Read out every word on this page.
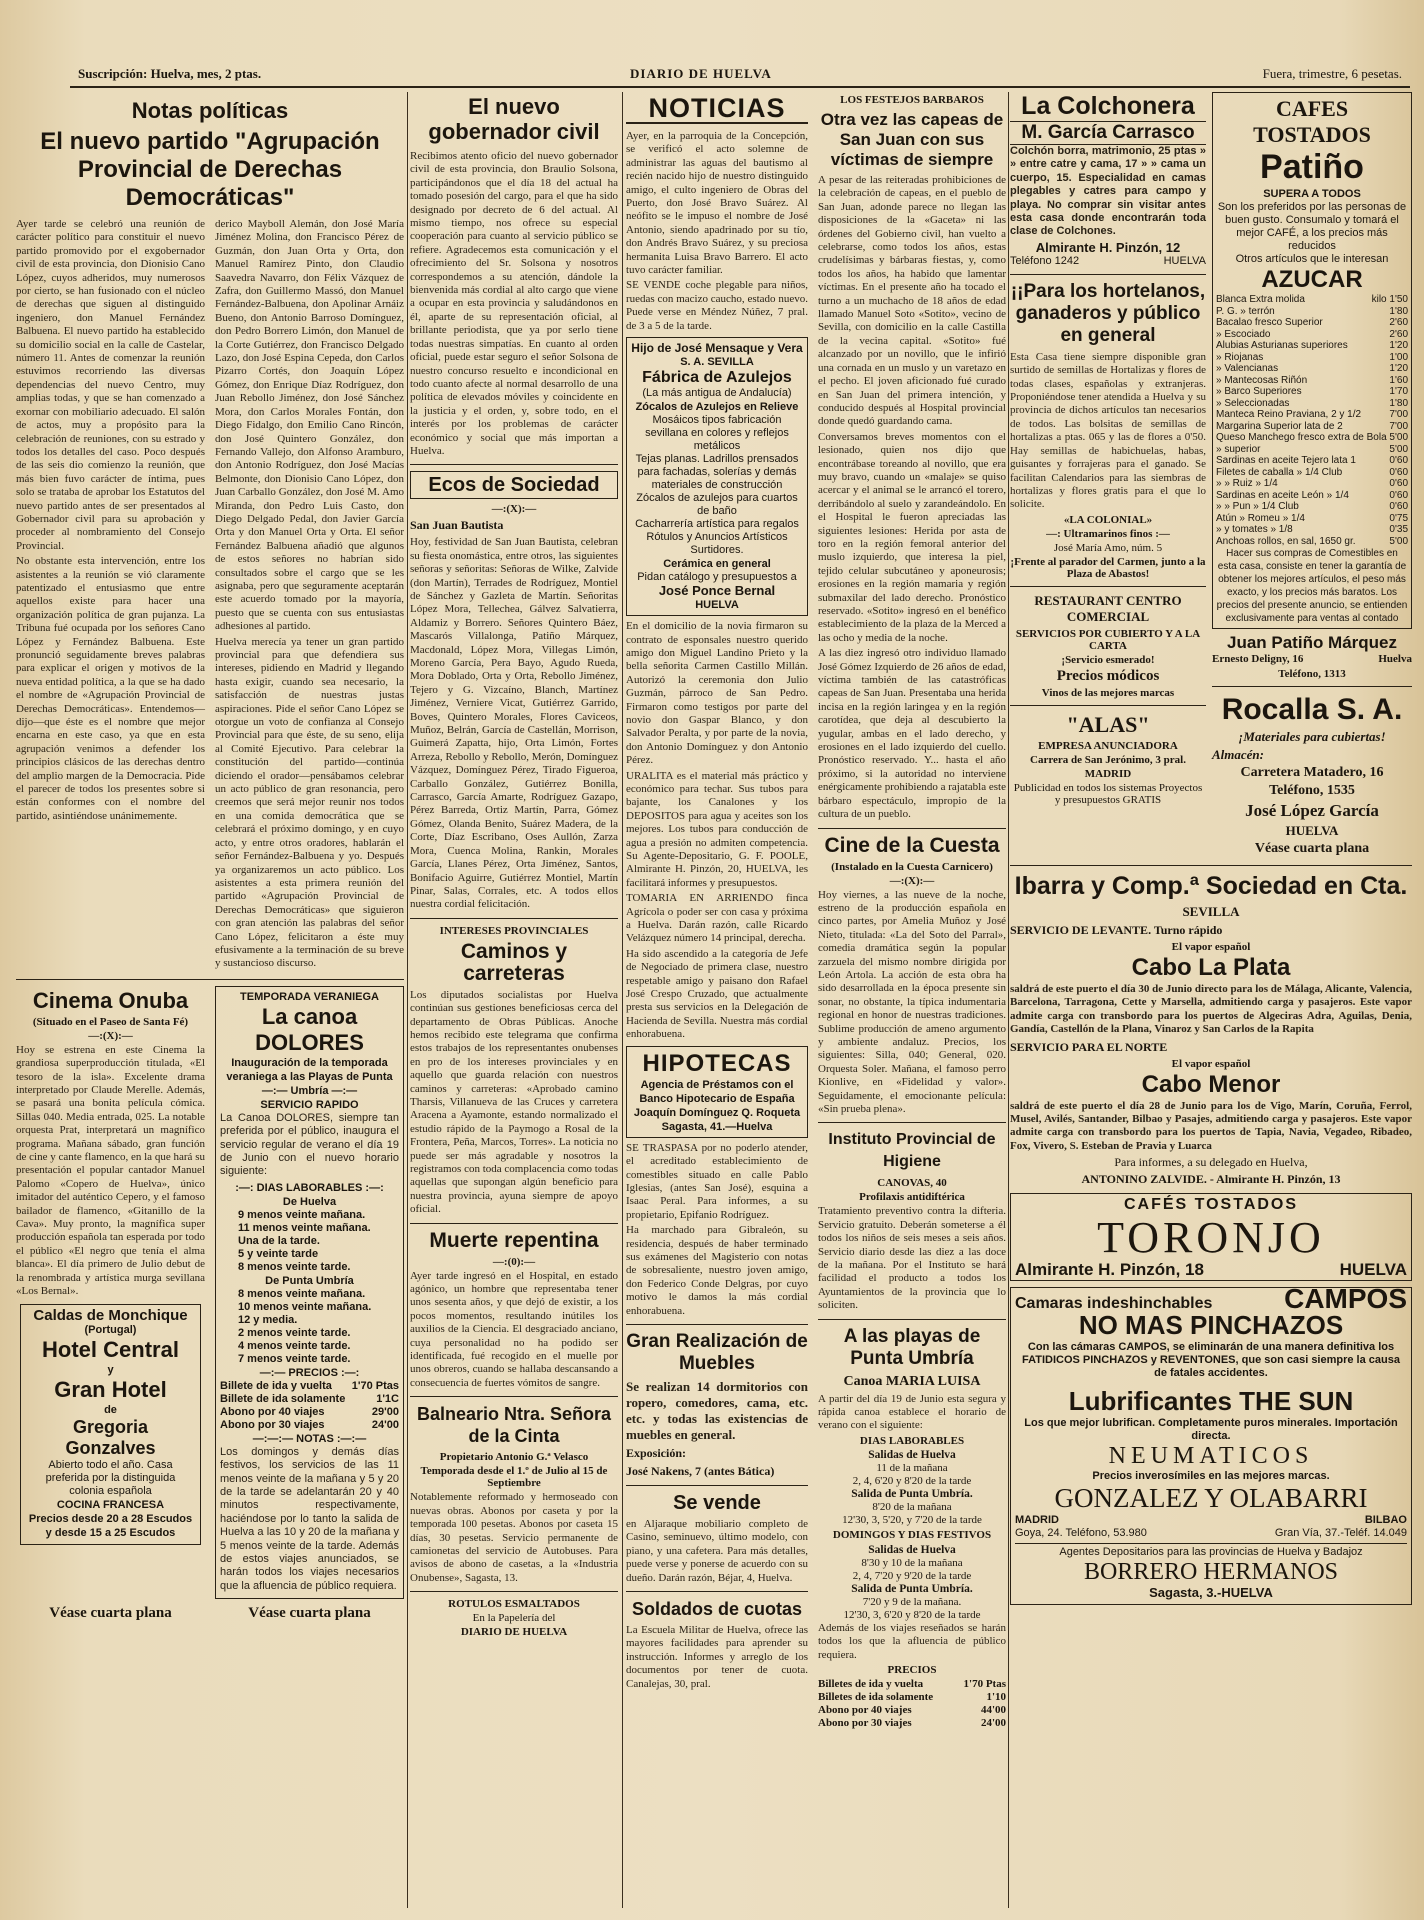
Suscripción: Huelva, mes, 2 ptas.	DIARIO DE HUELVA	Fuera, trimestre, 6 pesetas.
Notas políticas
El nuevo partido "Agrupación Provincial de Derechas Democráticas"

Ayer tarde se celebró una reunión de carácter político para constituir el nuevo partido promovido por el exgobernador civil de esta provincia, don Dionisio Cano López, cuyos adheridos, muy numerosos por cierto, se han fusionado con el núcleo de derechas que siguen al distinguido ingeniero, don Manuel Fernández Balbuena. El nuevo partido ha establecido su domicilio social en la calle de Castelar, número 11. Antes de comenzar la reunión estuvimos recorriendo las diversas dependencias del nuevo Centro, muy amplias todas, y que se han comenzado a exornar con mobiliario adecuado. El salón de actos, muy a propósito para la celebración de reuniones, con su estrado y todos los detalles del caso. Poco después de las seis dio comienzo la reunión, que más bien fuvo carácter de íntima, pues solo se trataba de aprobar los Estatutos del nuevo partido antes de ser presentados al Gobernador civil para su aprobación y proceder al nombramiento del Consejo Provincial.

No obstante esta intervención, entre los asistentes a la reunión se vió claramente patentizado el entusiasmo que entre aquellos existe para hacer una organización política de gran pujanza. La Tribuna fué ocupada por los señores Cano López y Fernández Balbuena. Este pronunció seguidamente breves palabras para explicar el origen y motivos de la nueva entidad política, a la que se ha dado el nombre de «Agrupación Provincial de Derechas Democráticas». Entendemos—dijo—que éste es el nombre que mejor encarna en este caso, ya que en esta agrupación venimos a defender los principios clásicos de las derechas dentro del amplio margen de la Democracia. Pide el parecer de todos los presentes sobre si están conformes con el nombre del partido, asintiéndose unánimemente.

derico Mayboll Alemán, don José María Jiménez Molina, don Francisco Pérez de Guzmán, don Juan Orta y Orta, don Manuel Ramírez Pinto, don Claudio Saavedra Navarro, don Félix Vázquez de Zafra, don Guillermo Massó, don Manuel Fernández-Balbuena, don Apolinar Arnáiz Bueno, don Antonio Barroso Domínguez, don Pedro Borrero Limón, don Manuel de la Corte Gutiérrez, don Francisco Delgado Lazo, don José Espina Cepeda, don Carlos Pizarro Cortés, don Joaquín López Gómez, don Enrique Díaz Rodríguez, don Juan Rebollo Jiménez, don José Sánchez Mora, don Carlos Morales Fontán, don Diego Fidalgo, don Emilio Cano Rincón, don José Quintero González, don Fernando Vallejo, don Alfonso Aramburo, don Antonio Rodríguez, don José Macías Belmonte, don Dionisio Cano López, don Juan Carballo González, don José M. Amo Miranda, don Pedro Luis Casto, don Diego Delgado Pedal, don Javier García Orta y don Manuel Orta y Orta. El señor Fernández Balbuena añadió que algunos de estos señores no habrían sido consultados sobre el cargo que se les asignaba, pero que seguramente aceptarán este acuerdo tomado por la mayoría, puesto que se cuenta con sus entusiastas adhesiones al partido.

Huelva merecía ya tener un gran partido provincial para que defendiera sus intereses, pidiendo en Madrid y llegando hasta exigir, cuando sea necesario, la satisfacción de nuestras justas aspiraciones. Pide el señor Cano López se otorgue un voto de confianza al Consejo Provincial para que éste, de su seno, elija al Comité Ejecutivo. Para celebrar la constitución del partido—continúa diciendo el orador—pensábamos celebrar un acto público de gran resonancia, pero creemos que será mejor reunir nos todos en una comida democrática que se celebrará el próximo domingo, y en cuyo acto, y entre otros oradores, hablarán el señor Fernández-Balbuena y yo. Después ya organizaremos un acto público. Los asistentes a esta primera reunión del partido «Agrupación Provincial de Derechas Democráticas» que siguieron con gran atención las palabras del señor Cano López, felicitaron a éste muy efusivamente a la terminación de su breve y sustancioso discurso.

Cinema Onuba
(Situado en el Paseo de Santa Fé)
—:(X):—

Hoy se estrena en este Cinema la grandiosa superproducción titulada, «El tesoro de la isla». Excelente drama interpretado por Claude Merelle. Además, se pasará una bonita película cómica. Sillas 040. Media entrada, 025. La notable orquesta Prat, interpretará un magnífico programa. Mañana sábado, gran función de cine y cante flamenco, en la que hará su presentación el popular cantador Manuel Palomo «Copero de Huelva», único imitador del auténtico Cepero, y el famoso bailador de flamenco, «Gitanillo de la Cava». Muy pronto, la magnífica super producción española tan esperada por todo el público «El negro que tenía el alma blanca». El día primero de Julio debut de la renombrada y artística murga sevillana «Los Bernal».

Caldas de Monchique
(Portugal)
Hotel Central
y
Gran Hotel
de
Gregoria Gonzalves
Abierto todo el año. Casa preferida por la distinguida colonia española
COCINA FRANCESA
Precios desde 20 a 28 Escudos y desde 15 a 25 Escudos
TEMPORADA VERANIEGA
La canoa DOLORES
Inauguración de la temporada veraniega a las Playas de Punta
—:— Umbría —:—
SERVICIO RAPIDO

La Canoa DOLORES, siempre tan preferida por el público, inaugura el servicio regular de verano el día 19 de Junio con el nuevo horario siguiente:

:—: DIAS LABORABLES :—:
De Huelva
9 menos veinte mañana.
11 menos veinte mañana.
Una de la tarde.
5 y veinte tarde
8 menos veinte tarde.
De Punta Umbría
8 menos veinte mañana.
10 menos veinte mañana.
12 y media.
2 menos veinte tarde.
4 menos veinte tarde.
7 menos veinte tarde.
—:— PRECIOS :—:
Billete de ida y vuelta 1'70 Ptas
Billete de ida solamente	1'1C
Abono por 40 viajes	29'00
Abono por 30 viajes	24'00
—:—:— NOTAS :—:—

Los domingos y demás días festivos, los servicios de las 11 menos veinte de la mañana y 5 y 20 de la tarde se adelantarán 20 y 40 minutos respectivamente, haciéndose por lo tanto la salida de Huelva a las 10 y 20 de la mañana y 5 menos veinte de la tarde. Además de estos viajes anunciados, se harán todos los viajes necesarios que la afluencia de público requiera.

Véase cuarta plana	Véase cuarta plana
El nuevo gobernador civil

Recibimos atento oficio del nuevo gobernador civil de esta provincia, don Braulio Solsona, participándonos que el día 18 del actual ha tomado posesión del cargo, para el que ha sido designado por decreto de 6 del actual. Al mismo tiempo, nos ofrece su especial cooperación para cuanto al servicio público se refiere. Agradecemos esta comunicación y el ofrecimiento del Sr. Solsona y nosotros correspondemos a su atención, dándole la bienvenida más cordial al alto cargo que viene a ocupar en esta provincia y saludándonos en él, aparte de su representación oficial, al brillante periodista, que ya por serlo tiene todas nuestras simpatías. En cuanto al orden oficial, puede estar seguro el señor Solsona de nuestro concurso resuelto e incondicional en todo cuanto afecte al normal desarrollo de una política de elevados móviles y coincidente en la justicia y el orden, y, sobre todo, en el interés por los problemas de carácter económico y social que más importan a Huelva.

Ecos de Sociedad
—:(X):—
San Juan Bautista

Hoy, festividad de San Juan Bautista, celebran su fiesta onomástica, entre otros, las siguientes señoras y señoritas: Señoras de Wilke, Zalvide (don Martín), Terrades de Rodríguez, Montiel de Sánchez y Gazleta de Martín. Señoritas López Mora, Tellechea, Gálvez Salvatierra, Aldamiz y Borrero. Señores Quintero Báez, Mascarós Villalonga, Patiño Márquez, Macdonald, López Mora, Villegas Limón, Moreno García, Pera Bayo, Agudo Rueda, Mora Doblado, Orta y Orta, Rebollo Jiménez, Tejero y G. Vizcaíno, Blanch, Martínez Jiménez, Verniere Vicat, Gutiérrez Garrido, Boves, Quintero Morales, Flores Caviceos, Muñoz, Belrán, García de Castellán, Morrison, Guimerá Zapatta, hijo, Orta Limón, Fortes Arreza, Rebollo y Rebollo, Merón, Domínguez Vázquez, Domínguez Pérez, Tirado Figueroa, Carballo González, Gutiérrez Bonilla, Carrasco, García Amarte, Rodríguez Gazapo, Pérez Barreda, Ortiz Martín, Parra, Gómez Gómez, Olanda Benito, Suárez Madera, de la Corte, Díaz Escribano, Oses Aullón, Zarza Mora, Cuenca Molina, Rankin, Morales García, Llanes Pérez, Orta Jiménez, Santos, Bonifacio Aguirre, Gutiérrez Montiel, Martín Pinar, Salas, Corrales, etc. A todos ellos nuestra cordial felicitación.

INTERESES PROVINCIALES
Caminos y carreteras

Los diputados socialistas por Huelva continúan sus gestiones beneficiosas cerca del departamento de Obras Públicas. Anoche hemos recibido este telegrama que confirma estos trabajos de los representantes onubenses en pro de los intereses provinciales y en aquello que guarda relación con nuestros caminos y carreteras: «Aprobado camino Tharsis, Villanueva de las Cruces y carretera Aracena a Ayamonte, estando normalizado el estudio rápido de la Paymogo a Rosal de la Frontera, Peña, Marcos, Torres». La noticia no puede ser más agradable y nosotros la registramos con toda complacencia como todas aquellas que supongan algún beneficio para nuestra provincia, ayuna siempre de apoyo oficial.

Muerte repentina
—:(0):—

Ayer tarde ingresó en el Hospital, en estado agónico, un hombre que representaba tener unos sesenta años, y que dejó de existir, a los pocos momentos, resultando inútiles los auxilios de la Ciencia. El desgraciado anciano, cuya personalidad no ha podido ser identificada, fué recogido en el muelle por unos obreros, cuando se hallaba descansando a consecuencia de fuertes vómitos de sangre.

Balneario Ntra. Señora de la Cinta
Propietario Antonio G.ª Velasco
Temporada desde el 1.º de Julio al 15 de Septiembre

Notablemente reformado y hermoseado con nuevas obras. Abonos por caseta y por la temporada 100 pesetas. Abonos por caseta 15 días, 30 pesetas. Servicio permanente de camionetas del servicio de Autobuses. Para avisos de abono de casetas, a la «Industria Onubense», Sagasta, 13.

ROTULOS ESMALTADOS
En la Papelería del
DIARIO DE HUELVA
NOTICIAS

Ayer, en la parroquia de la Concepción, se verificó el acto solemne de administrar las aguas del bautismo al recién nacido hijo de nuestro distinguido amigo, el culto ingeniero de Obras del Puerto, don José Bravo Suárez. Al neófito se le impuso el nombre de José Antonio, siendo apadrinado por su tío, don Andrés Bravo Suárez, y su preciosa hermanita Luisa Bravo Barrero. El acto tuvo carácter familiar.

SE VENDE coche plegable para niños, ruedas con macizo caucho, estado nuevo. Puede verse en Méndez Núñez, 7 pral. de 3 a 5 de la tarde.

Hijo de José Mensaque y Vera
S. A. SEVILLA
Fábrica de Azulejos
(La más antigua de Andalucía)
Zócalos de Azulejos en Relieve
Mosáicos tipos fabricación sevillana en colores y reflejos metálicos
Tejas planas. Ladrillos prensados para fachadas, solerías y demás materiales de construcción
Zócalos de azulejos para cuartos de baño
Cacharrería artística para regalos Rótulos y Anuncios Artísticos Surtidores.
Cerámica en general
Pidan catálogo y presupuestos a
José Ponce Bernal
HUELVA

En el domicilio de la novia firmaron su contrato de esponsales nuestro querido amigo don Miguel Landino Prieto y la bella señorita Carmen Castillo Millán. Autorizó la ceremonia don Julio Guzmán, párroco de San Pedro. Firmaron como testigos por parte del novio don Gaspar Blanco, y don Salvador Peralta, y por parte de la novia, don Antonio Domínguez y don Antonio Pérez.

URALITA es el material más práctico y económico para techar. Sus tubos para bajante, los Canalones y los DEPOSITOS para agua y aceites son los mejores. Los tubos para conducción de agua a presión no admiten competencia. Su Agente-Depositario, G. F. POOLE, Almirante H. Pinzón, 20, HUELVA, les facilitará informes y presupuestos.

TOMARIA EN ARRIENDO finca Agrícola o poder ser con casa y próxima a Huelva. Darán razón, calle Ricardo Velázquez número 14 principal, derecha.

Ha sido ascendido a la categoría de Jefe de Negociado de primera clase, nuestro respetable amigo y paisano don Rafael José Crespo Cruzado, que actualmente presta sus servicios en la Delegación de Hacienda de Sevilla. Nuestra más cordial enhorabuena.

HIPOTECAS
Agencia de Préstamos con el
Banco Hipotecario de España
Joaquín Domínguez Q. Roqueta
Sagasta, 41.—Huelva

SE TRASPASA por no poderlo atender, el acreditado establecimiento de comestibles situado en calle Pablo Iglesias, (antes San José), esquina a Isaac Peral. Para informes, a su propietario, Epifanio Rodríguez.

Ha marchado para Gibraleón, su residencia, después de haber terminado sus exámenes del Magisterio con notas de sobresaliente, nuestro joven amigo, don Federico Conde Delgras, por cuyo motivo le damos la más cordial enhorabuena.

Gran Realización de Muebles

Se realizan 14 dormitorios con ropero, comedores, cama, etc. etc. y todas las existencias de muebles en general.

Exposición:
José Nakens, 7 (antes Bática)
Se vende

en Aljaraque mobiliario completo de Casino, seminuevo, último modelo, con piano, y una cafetera. Para más detalles, puede verse y ponerse de acuerdo con su dueño. Darán razón, Béjar, 4, Huelva.

Soldados de cuotas

La Escuela Militar de Huelva, ofrece las mayores facilidades para aprender su instrucción. Informes y arreglo de los documentos por tener de cuota. Canalejas, 30, pral.

LOS FESTEJOS BARBAROS
Otra vez las capeas de San Juan con sus víctimas de siempre

A pesar de las reiteradas prohibiciones de la celebración de capeas, en el pueblo de San Juan, adonde parece no llegan las disposiciones de la «Gaceta» ni las órdenes del Gobierno civil, han vuelto a celebrarse, como todos los años, estas crudelísimas y bárbaras fiestas, y, como todos los años, ha habido que lamentar víctimas. En el presente año ha tocado el turno a un muchacho de 18 años de edad llamado Manuel Soto «Sotito», vecino de Sevilla, con domicilio en la calle Castilla de la vecina capital. «Sotito» fué alcanzado por un novillo, que le infirió una cornada en un muslo y un varetazo en el pecho. El joven aficionado fué curado en San Juan del primera intención, y conducido después al Hospital provincial donde quedó guardando cama.

Conversamos breves momentos con el lesionado, quien nos dijo que encontrábase toreando al novillo, que era muy bravo, cuando un «malaje» se quiso acercar y el animal se le arrancó el torero, derribándolo al suelo y zarandeándolo. En el Hospital le fueron apreciadas las siguientes lesiones: Herida por asta de toro en la región femoral anterior del muslo izquierdo, que interesa la piel, tejido celular subcutáneo y aponeurosis; erosiones en la región mamaria y región submaxilar del lado derecho. Pronóstico reservado. «Sotito» ingresó en el benéfico establecimiento de la plaza de la Merced a las ocho y media de la noche.

A las diez ingresó otro individuo llamado José Gómez Izquierdo de 26 años de edad, víctima también de las catastróficas capeas de San Juan. Presentaba una herida incisa en la región laringea y en la región carotídea, que deja al descubierto la yugular, ambas en el lado derecho, y erosiones en el lado izquierdo del cuello. Pronóstico reservado. Y... hasta el año próximo, si la autoridad no interviene enérgicamente prohibiendo a rajatabla este bárbaro espectáculo, impropio de la cultura de un pueblo.

Cine de la Cuesta
(Instalado en la Cuesta Carnicero)
—:(X):—

Hoy viernes, a las nueve de la noche, estreno de la producción española en cinco partes, por Amelia Muñoz y José Nieto, titulada: «La del Soto del Parral», comedia dramática según la popular zarzuela del mismo nombre dirigida por León Artola. La acción de esta obra ha sido desarrollada en la época presente sin sonar, no obstante, la típica indumentaria regional en honor de nuestras tradiciones. Sublime producción de ameno argumento y ambiente andaluz. Precios, los siguientes: Silla, 040; General, 020. Orquesta Soler. Mañana, el famoso perro Kionlive, en «Fidelidad y valor». Seguidamente, el emocionante película: «Sin prueba plena».

Instituto Provincial de Higiene
CANOVAS, 40
Profilaxis antidiftérica

Tratamiento preventivo contra la difteria. Servicio gratuito. Deberán someterse a él todos los niños de seis meses a seis años. Servicio diario desde las diez a las doce de la mañana. Por el Instituto se hará facilidad el producto a todos los Ayuntamientos de la provincia que lo soliciten.

A las playas de Punta Umbría
Canoa MARIA LUISA

A partir del día 19 de Junio esta segura y rápida canoa establece el horario de verano con el siguiente:

DIAS LABORABLES
Salidas de Huelva
11 de la mañana
2, 4, 6'20 y 8'20 de la tarde
Salida de Punta Umbría.
8'20 de la mañana
12'30, 3, 5'20, y 7'20 de la tarde
DOMINGOS Y DIAS FESTIVOS
Salidas de Huelva
8'30 y 10 de la mañana
2, 4, 7'20 y 9'20 de la tarde
Salida de Punta Umbría.
7'20 y 9 de la mañana.
12'30, 3, 6'20 y 8'20 de la tarde

Además de los viajes reseñados se harán todos los que la afluencia de público requiera.

PRECIOS
Billetes de ida y vuelta	1'70 Ptas
Billetes de ida solamente	1'10
Abono por 40 viajes	44'00
Abono por 30 viajes	24'00
La Colchonera
M. García Carrasco

Colchón borra, matrimonio, 25 ptas » » entre catre y cama, 17 » » cama un cuerpo, 15. Especialidad en camas plegables y catres para campo y playa. No comprar sin visitar antes esta casa donde encontrarán toda clase de Colchones.

Almirante H. Pinzón, 12
Teléfono 1242	HUELVA
¡¡Para los hortelanos, ganaderos y público en general

Esta Casa tiene siempre disponible gran surtido de semillas de Hortalizas y flores de todas clases, españolas y extranjeras. Proponiéndose tener atendida a Huelva y su provincia de dichos artículos tan necesarios de todos. Las bolsitas de semillas de hortalizas a ptas. 065 y las de flores a 0'50. Hay semillas de habichuelas, habas, guisantes y forrajeras para el ganado. Se facilitan Calendarios para las siembras de hortalizas y flores gratis para el que lo solicite.

«LA COLONIAL»
—: Ultramarinos finos :—
José María Amo, núm. 5
¡Frente al parador del Carmen, junto a la Plaza de Abastos!
RESTAURANT CENTRO COMERCIAL
SERVICIOS POR CUBIERTO Y A LA CARTA
¡Servicio esmerado!
Precios módicos
Vinos de las mejores marcas
"ALAS"
EMPRESA ANUNCIADORA
Carrera de San Jerónimo, 3 pral.
MADRID
Publicidad en todos los sistemas Proyectos y presupuestos GRATIS
CAFES TOSTADOS
Patiño
SUPERA A TODOS
Son los preferidos por las personas de buen gusto. Consumalo y tomará el mejor CAFÉ, a los precios más reducidos
Otros artículos que le interesan
AZUCAR
Blanca Extra molida	kilo 1'50
P. G. » terrón	1'80
Bacalao fresco Superior	2'60
» Escociado	2'60
Alubias Asturianas superiores	1'20
» Riojanas	1'00
» Valencianas	1'20
» Mantecosas Riñón	1'60
» Barco Superiores	1'70
» Seleccionadas	1'80
Manteca Reino Praviana, 2 y 1/2	7'00
Margarina Superior lata de 2	7'00
Queso Manchego fresco extra de Bola 5'00
» superior	5'00
Sardinas en aceite Tejero lata 1	0'60
Filetes de caballa » 1/4 Club	0'60
» » Ruiz » 1/4	0'60
Sardinas en aceite León » 1/4	0'60
» » Pun » 1/4 Club	0'60
Atún » Romeu » 1/4	0'75
» y tomates » 1/8	0'35
Anchoas rollos, en sal, 1650 gr.	5'00
Hacer sus compras de Comestibles en esta casa, consiste en tener la garantía de obtener los mejores artículos, el peso más exacto, y los precios más baratos. Los precios del presente anuncio, se entienden exclusivamente para ventas al contado
Juan Patiño Márquez
Ernesto Deligny, 16	Huelva
Teléfono, 1313
Rocalla S. A.
¡Materiales para cubiertas!
Almacén:
Carretera Matadero, 16
Teléfono, 1535
José López García
HUELVA
Véase cuarta plana
Ibarra y Comp.ª Sociedad en Cta.
SEVILLA
SERVICIO DE LEVANTE. Turno rápido
El vapor español
Cabo La Plata

saldrá de este puerto el día 30 de Junio directo para los de Málaga, Alicante, Valencia, Barcelona, Tarragona, Cette y Marsella, admitiendo carga y pasajeros. Este vapor admite carga con transbordo para los puertos de Algeciras Adra, Aguilas, Denia, Gandía, Castellón de la Plana, Vinaroz y San Carlos de la Rapita

SERVICIO PARA EL NORTE
El vapor español
Cabo Menor

saldrá de este puerto el día 28 de Junio para los de Vigo, Marín, Coruña, Ferrol, Musel, Avilés, Santander, Bilbao y Pasajes, admitiendo carga y pasajeros. Este vapor admite carga con transbordo para los puertos de Tapia, Navia, Vegadeo, Ribadeo, Fox, Vivero, S. Esteban de Pravia y Luarca

Para informes, a su delegado en Huelva,
ANTONINO ZALVIDE. - Almirante H. Pinzón, 13
CAFÉS TOSTADOS
TORONJO
Almirante H. Pinzón, 18	HUELVA
Camaras indeshinchables	CAMPOS
NO MAS PINCHAZOS
Con las cámaras CAMPOS, se eliminarán de una manera definitiva los FATIDICOS PINCHAZOS y REVENTONES, que son casi siempre la causa de fatales accidentes.
Lubrificantes THE SUN
Los que mejor lubrifican. Completamente puros minerales. Importación directa.
NEUMATICOS
Precios inverosímiles en las mejores marcas.
GONZALEZ Y OLABARRI
MADRID	BILBAO
Goya, 24. Teléfono, 53.980	Gran Vía, 37.-Teléf. 14.049
Agentes Depositarios para las provincias de Huelva y Badajoz
BORRERO HERMANOS
Sagasta, 3.-HUELVA
